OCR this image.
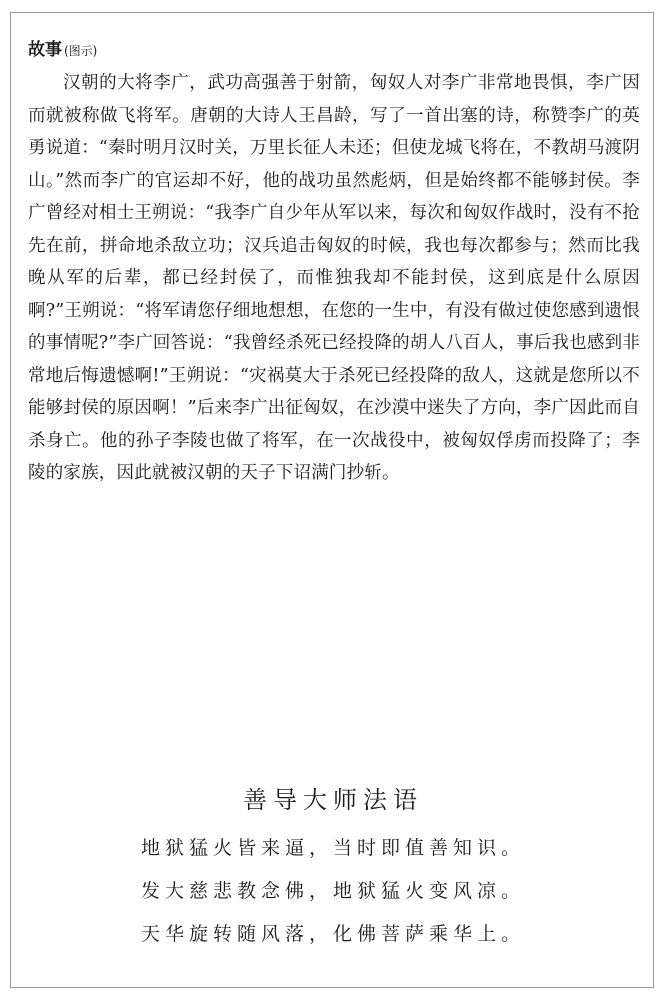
故事 (图示)

汉朝的大将李广，武功高强善于射箭，匈奴人对李广非常地畏惧，李广因而就被称做飞将军。唐朝的大诗人王昌龄，写了一首出塞的诗，称赞李广的英勇说道：“秦时明月汉时关，万里长征人未还；但使龙城飞将在，不教胡马渡阴山。”然而李广的官运却不好，他的战功虽然彪炳，但是始终都不能够封侯。李广曾经对相士王朔说：“我李广自少年从军以来，每次和匈奴作战时，没有不抢先在前，拼命地杀敌立功；汉兵追击匈奴的时候，我也每次都参与；然而比我晚从军的后辈，都已经封侯了，而惟独我却不能封侯，这到底是什么原因啊?”王朔说：“将军请您仔细地想想，在您的一生中，有没有做过使您感到遗恨的事情呢?”李广回答说：“我曾经杀死已经投降的胡人八百人，事后我也感到非常地后悔遗憾啊!”王朔说：“灾祸莫大于杀死已经投降的敌人，这就是您所以不能够封侯的原因啊！”后来李广出征匈奴，在沙漠中迷失了方向，李广因此而自杀身亡。他的孙子李陵也做了将军，在一次战役中，被匈奴俘虏而投降了；李陵的家族，因此就被汉朝的天子下诏满门抄斩。

善导大师法语
地狱猛火皆来逼，当时即值善知识。
发大慈悲教念佛，地狱猛火变风凉。
天华旋转随风落，化佛菩萨乘华上。
